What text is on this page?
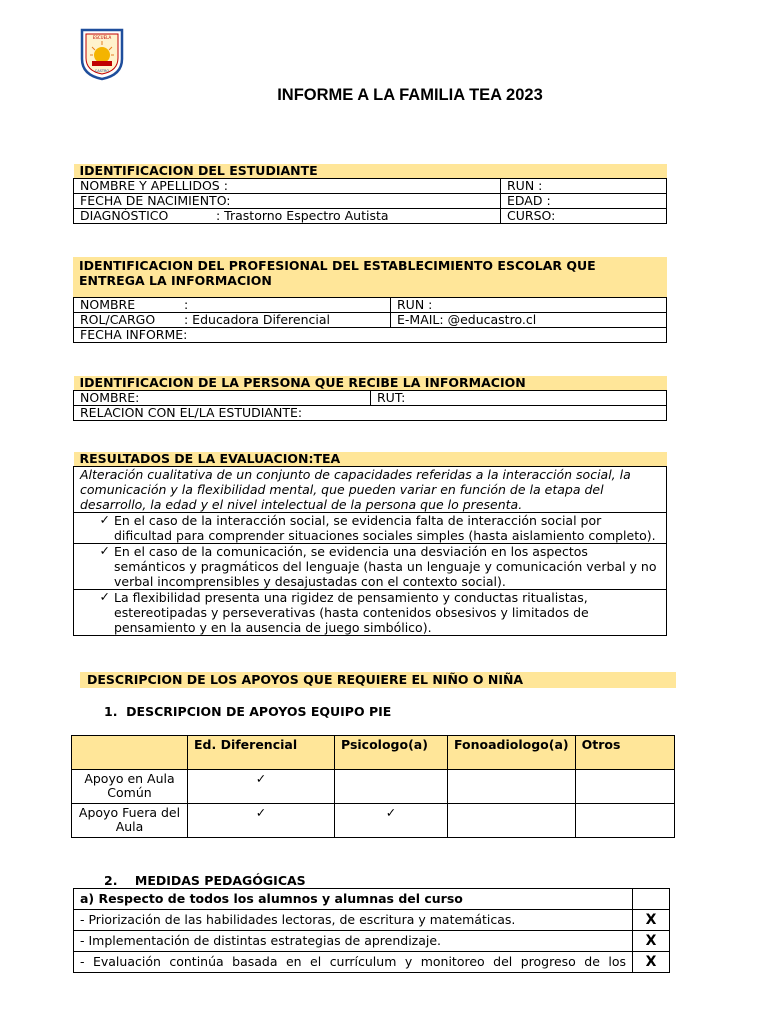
ESCUELA
CASTRO
INFORME A LA FAMILIA TEA 2023
IDENTIFICACION DEL ESTUDIANTE	
NOMBRE Y APELLIDOS :	RUN :
FECHA DE NACIMIENTO:	EDAD :
DIAGNÓSTICO : Trastorno Espectro Autista	CURSO:
IDENTIFICACION DEL PROFESIONAL DEL ESTABLECIMIENTO ESCOLAR QUE ENTREGA LA INFORMACION
NOMBRE :	RUN :
ROL/CARGO : Educadora Diferencial	E-MAIL: @educastro.cl
FECHA INFORME:	
IDENTIFICACION DE LA PERSONA QUE RECIBE LA INFORMACION
NOMBRE:	RUT:
RELACION CON EL/LA ESTUDIANTE:
RESULTADOS DE LA EVALUACION:TEA	
Alteración cualitativa de un conjunto de capacidades referidas a la interacción social, la comunicación y la flexibilidad mental, que pueden variar en función de la etapa del desarrollo, la edad y el nivel intelectual de la persona que lo presenta.	
✓	En el caso de la interacción social, se evidencia falta de interacción social por dificultad para comprender situaciones sociales simples (hasta aislamiento completo).
✓	En el caso de la comunicación, se evidencia una desviación en los aspectos semánticos y pragmáticos del lenguaje (hasta un lenguaje y comunicación verbal y no verbal incomprensibles y desajustadas con el contexto social).
✓	La flexibilidad presenta una rigidez de pensamiento y conductas ritualistas, estereotipadas y perseverativas (hasta contenidos obsesivos y limitados de pensamiento y en la ausencia de juego simbólico).
DESCRIPCION DE LOS APOYOS QUE REQUIERE EL NIÑO O NIÑA
1. DESCRIPCION DE APOYOS EQUIPO PIE
	Ed. Diferencial	Psicologo(a)	Fonoadiologo(a)	Otros
Apoyo en Aula Común	✓			
Apoyo Fuera del Aula	✓	✓		
2. MEDIDAS PEDAGÓGICAS
a) Respecto de todos los alumnos y alumnas del curso	
- Priorización de las habilidades lectoras, de escritura y matemáticas.	X
- Implementación de distintas estrategias de aprendizaje.	X
- Evaluación continúa basada en el currículum y monitoreo del progreso de los	X
